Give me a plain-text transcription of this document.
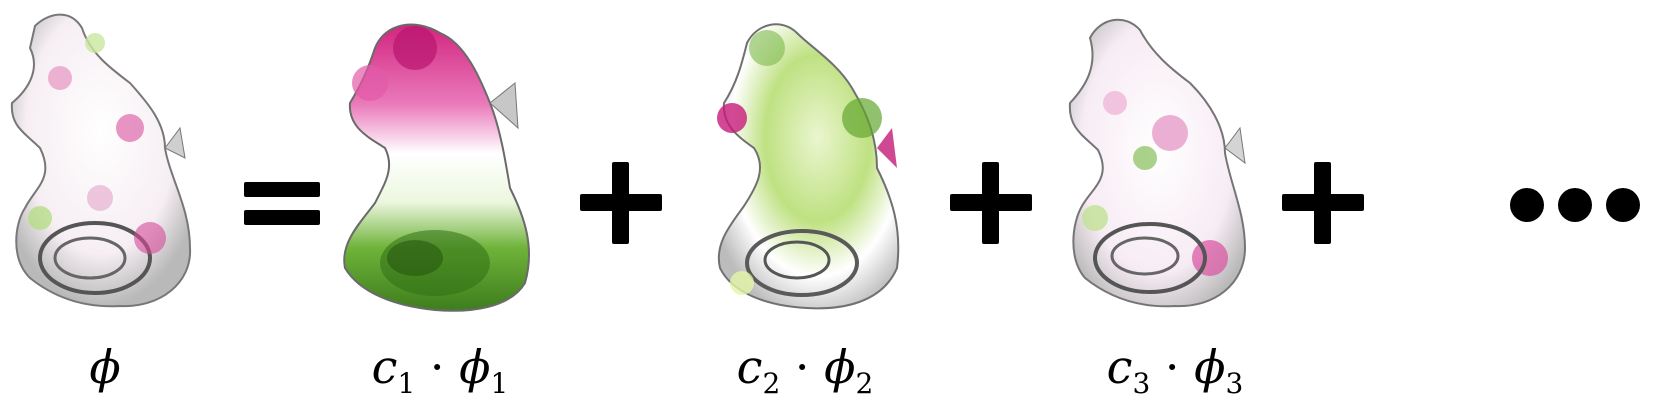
ϕ	$c_1 \cdot \phi_1$	$c_2 \cdot \phi_2$	$c_3 \cdot \phi_3$
